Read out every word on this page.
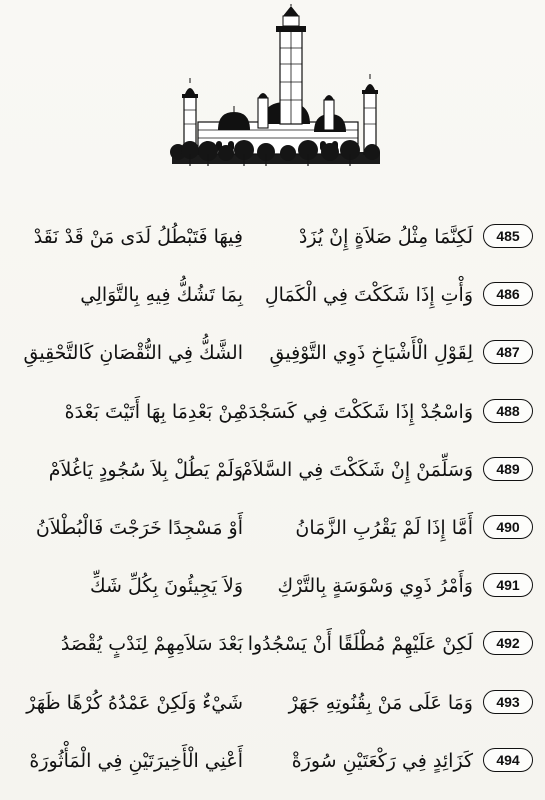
485
لَكِنَّمَا مِثْلُ صَلاَةٍ إِنْ يُزَدْ
فِيهَا فَتَبْطُلُ لَدَى مَنْ قَدْ نَقَدْ
486
وَأْتِ إِذَا شَكَكْتَ فِي الْكَمَالِ
بِمَا تَشُكُّ فِيهِ بِالتَّوَالِي
487
لِقَوْلِ الْأَشْيَاخِ ذَوِي التَّوْفِيقِ
الشَّكُّ فِي النُّقْصَانِ كَالتَّحْقِيقِ
488
وَاسْجُدْ إِذَا شَكَكْتَ فِي كَسَجْدَهْ
مِنْ بَعْدِمَا بِهَا أَتَيْتَ بَعْدَهْ
489
وَسَلِّمَنْ إِنْ شَكَكْتَ فِي السَّلاَمْ
وَلَمْ يَطُلْ بِلاَ سُجُودٍ يَاغُلاَمْ
490
أَمَّا إِذَا لَمْ يَقْرُبِ الزَّمَانُ
أَوْ مَسْجِدًا خَرَجْتَ فَالْبُطْلاَنُ
491
وَأَمْرُ ذَوِي وَسْوَسَةٍ بِالتَّرْكِ
وَلاَ يَجِيئُونَ بِكُلِّ شَكِّ
492
لَكِنْ عَلَيْهِمْ مُطْلَقًا أَنْ يَسْجُدُوا
بَعْدَ سَلاَمِهِمْ لِنَدْبٍ يُقْصَدُ
493
وَمَا عَلَى مَنْ بِقُنُوتِهِ جَهَرْ
شَيْءٌ وَلَكِنْ عَمْدُهُ كُرْهًا ظَهَرْ
494
كَزَائِدٍ فِي رَكْعَتَيْنِ سُورَةْ
أَعْنِي الْأَخِيرَتَيْنِ فِي الْمَأْثُورَهْ
